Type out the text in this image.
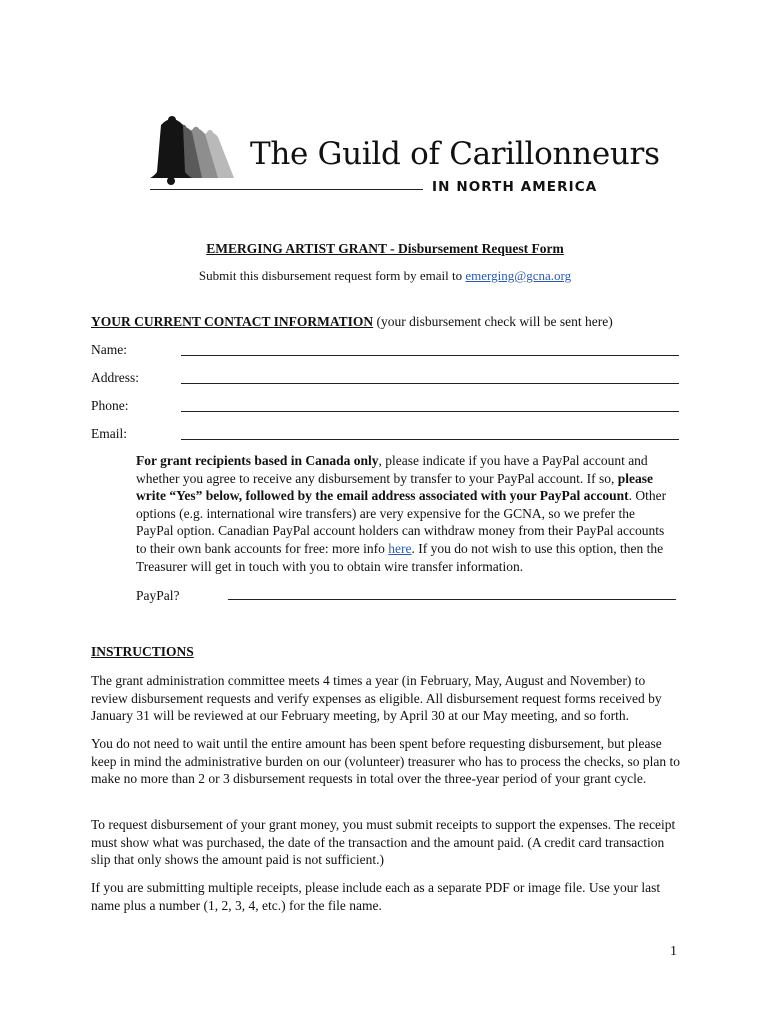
The Guild of Carillonneurs
IN NORTH AMERICA
EMERGING ARTIST GRANT - Disbursement Request Form
Submit this disbursement request form by email to emerging@gcna.org
YOUR CURRENT CONTACT INFORMATION (your disbursement check will be sent here)
Name:
Address:
Phone:
Email:
For grant recipients based in Canada only, please indicate if you have a PayPal account and whether you agree to receive any disbursement by transfer to your PayPal account. If so, please write “Yes” below, followed by the email address associated with your PayPal account. Other options (e.g. international wire transfers) are very expensive for the GCNA, so we prefer the PayPal option. Canadian PayPal account holders can withdraw money from their PayPal accounts to their own bank accounts for free: more info here. If you do not wish to use this option, then the Treasurer will get in touch with you to obtain wire transfer information.
PayPal?
INSTRUCTIONS
The grant administration committee meets 4 times a year (in February, May, August and November) to review disbursement requests and verify expenses as eligible. All disbursement request forms received by January 31 will be reviewed at our February meeting, by April 30 at our May meeting, and so forth.
You do not need to wait until the entire amount has been spent before requesting disbursement, but please keep in mind the administrative burden on our (volunteer) treasurer who has to process the checks, so plan to make no more than 2 or 3 disbursement requests in total over the three-year period of your grant cycle.
To request disbursement of your grant money, you must submit receipts to support the expenses. The receipt must show what was purchased, the date of the transaction and the amount paid. (A credit card transaction slip that only shows the amount paid is not sufficient.)
If you are submitting multiple receipts, please include each as a separate PDF or image file. Use your last name plus a number (1, 2, 3, 4, etc.) for the file name.
1
